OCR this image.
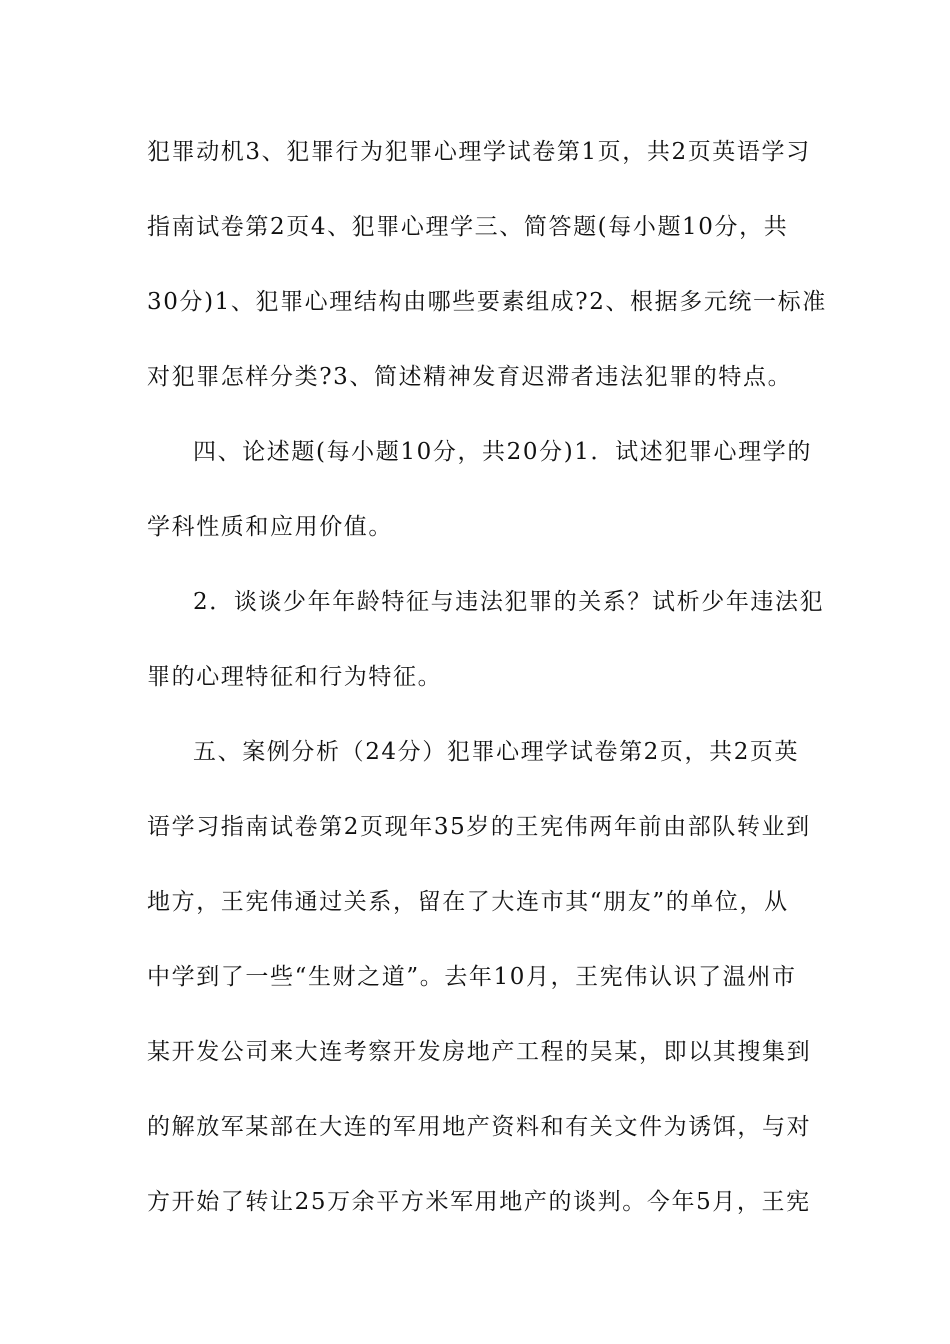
犯罪动机3、犯罪行为犯罪心理学试卷第1页，共2页英语学习
指南试卷第2页4、犯罪心理学三、简答题(每小题10分，共
30分)1、犯罪心理结构由哪些要素组成?2、根据多元统一标准
对犯罪怎样分类?3、简述精神发育迟滞者违法犯罪的特点。
四、论述题(每小题10分，共20分)1．试述犯罪心理学的
学科性质和应用价值。
2．谈谈少年年龄特征与违法犯罪的关系？试析少年违法犯
罪的心理特征和行为特征。
五、案例分析（24分）犯罪心理学试卷第2页，共2页英
语学习指南试卷第2页现年35岁的王宪伟两年前由部队转业到
地方，王宪伟通过关系，留在了大连市其“朋友”的单位，从
中学到了一些“生财之道”。去年10月，王宪伟认识了温州市
某开发公司来大连考察开发房地产工程的吴某，即以其搜集到
的解放军某部在大连的军用地产资料和有关文件为诱饵，与对
方开始了转让25万余平方米军用地产的谈判。今年5月，王宪
